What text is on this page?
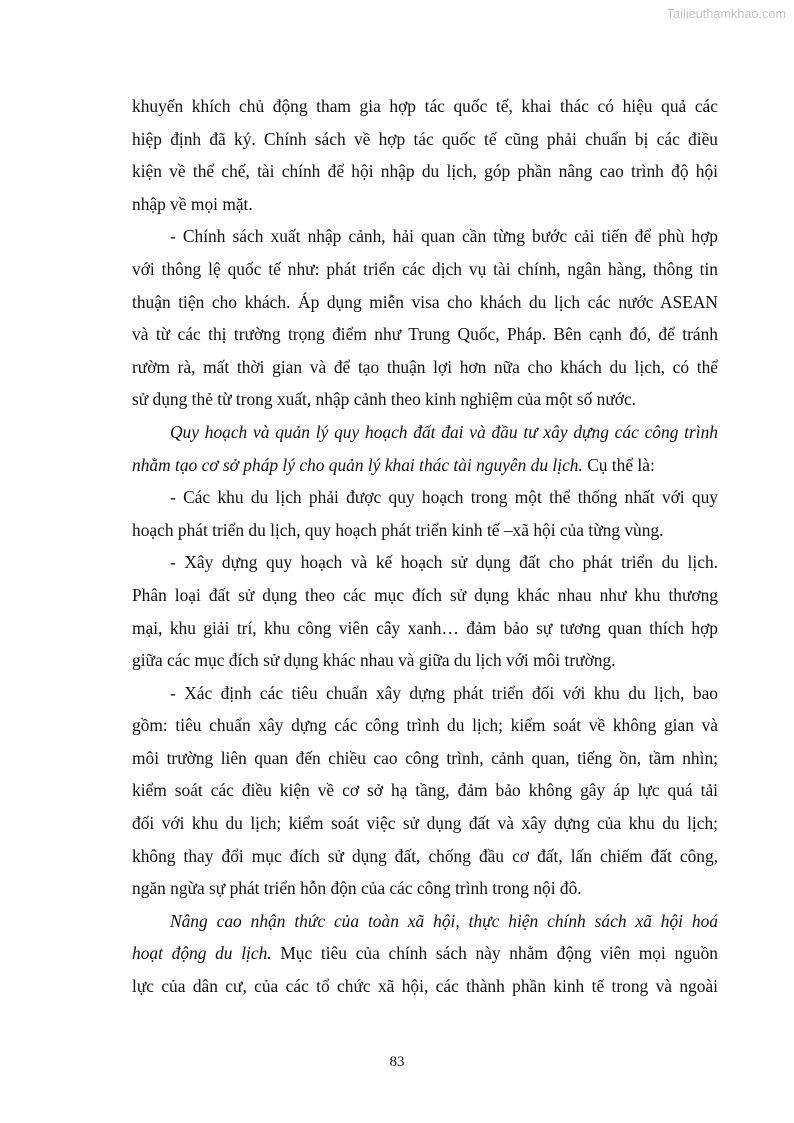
Tailieuthamkhao.com

khuyến khích chủ động tham gia hợp tác quốc tế, khai thác có hiệu quả các

hiệp định đã ký. Chính sách về hợp tác quốc tế cũng phải chuẩn bị các điều

kiện về thể chế, tài chính để hội nhập du lịch, góp phần nâng cao trình độ hội

nhập về mọi mặt.

- Chính sách xuất nhập cảnh, hải quan cần từng bước cải tiến để phù hợp

với thông lệ quốc tế như: phát triển các dịch vụ tài chính, ngân hàng, thông tin

thuận tiện cho khách. Áp dụng miễn visa cho khách du lịch các nước ASEAN

và từ các thị trường trọng điểm như Trung Quốc, Pháp. Bên cạnh đó, để tránh

rườm rà, mất thời gian và để tạo thuận lợi hơn nữa cho khách du lịch, có thể

sử dụng thẻ từ trong xuất, nhập cảnh theo kinh nghiệm của một số nước.

Quy hoạch và quản lý quy hoạch đất đai và đầu tư xây dựng các công trình

nhằm tạo cơ sở pháp lý cho quản lý khai thác tài nguyên du lịch. Cụ thể là:

- Các khu du lịch phải được quy hoạch trong một thể thống nhất với quy

hoạch phát triển du lịch, quy hoạch phát triển kinh tế –xã hội của từng vùng.

- Xây dựng quy hoạch và kế hoạch sử dụng đất cho phát triển du lịch.

Phân loại đất sử dụng theo các mục đích sử dụng khác nhau như khu thương

mại, khu giải trí, khu công viên cây xanh… đảm bảo sự tương quan thích hợp

giữa các mục đích sử dụng khác nhau và giữa du lịch với môi trường.

- Xác định các tiêu chuẩn xây dựng phát triển đối với khu du lịch, bao

gồm: tiêu chuẩn xây dựng các công trình du lịch; kiểm soát về không gian và

môi trường liên quan đến chiều cao công trình, cảnh quan, tiếng ồn, tầm nhìn;

kiểm soát các điều kiện về cơ sở hạ tầng, đảm bảo không gây áp lực quá tải

đối với khu du lịch; kiểm soát việc sử dụng đất và xây dựng của khu du lịch;

không thay đổi mục đích sử dụng đất, chống đầu cơ đất, lấn chiếm đất công,

ngăn ngừa sự phát triển hỗn độn của các công trình trong nội đô.

Nâng cao nhận thức của toàn xã hội, thực hiện chính sách xã hội hoá

hoạt động du lịch. Mục tiêu của chính sách này nhằm động viên mọi nguồn

lực của dân cư, của các tổ chức xã hội, các thành phần kinh tế trong và ngoài

83
